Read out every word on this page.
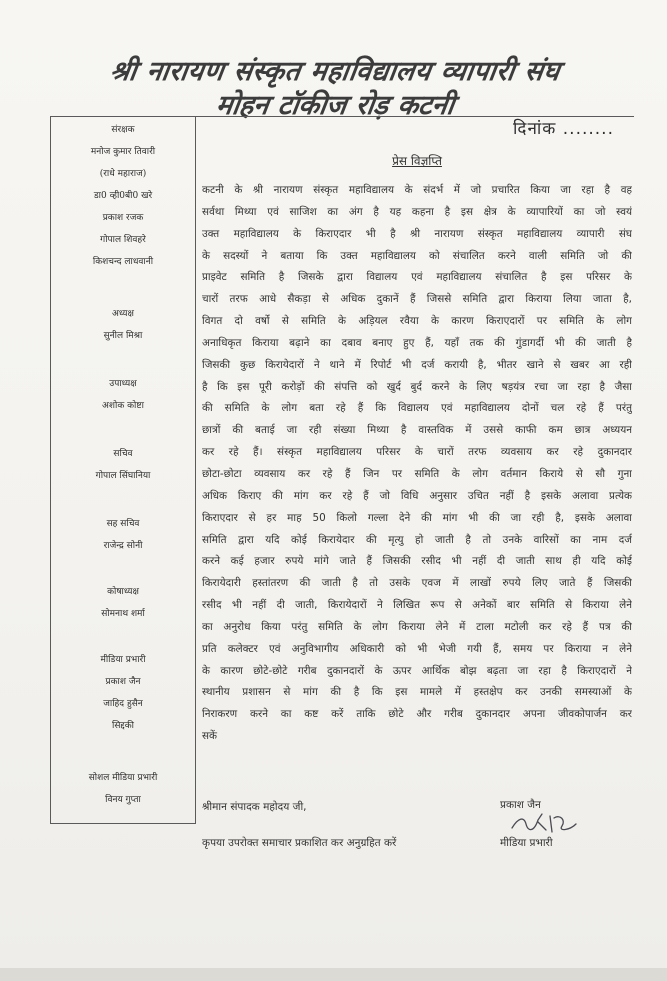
श्री नारायण संस्कृत महाविद्यालय व्यापारी संघ
मोहन टॉकीज रोड़ कटनी
संरक्षक
मनोज कुमार तिवारी
(राधे महाराज)
डा0 व्ही0बी0 खरे
प्रकाश रजक
गोपाल शिवहरे
किशचन्द लाधवानी
अध्यक्ष
सुनील मिश्रा
उपाध्यक्ष
अशोक कोष्टा
सचिव
गोपाल सिंघानिया
सह सचिव
राजेन्द्र सोनी
कोषाध्यक्ष
सोमनाथ शर्मा
मीडिया प्रभारी
प्रकाश जैन
जाहिद हुसैन
सिद्दकी
सोशल मीडिया प्रभारी
विनय गुप्ता
दिनांक ........
प्रेस विज्ञप्ति
कटनी के श्री नारायण संस्कृत महाविद्यालय के संदर्भ में जो प्रचारित किया जा रहा है वह
सर्वथा मिथ्या एवं साजिश का अंग है यह कहना है इस क्षेत्र के व्यापारियों का जो स्वयं
उक्त महाविद्यालय के किराएदार भी है श्री नारायण संस्कृत महाविद्यालय व्यापारी संघ
के सदस्यों ने बताया कि उक्त महाविद्यालय को संचालित करने वाली समिति जो की
प्राइवेट समिति है जिसके द्वारा विद्यालय एवं महाविद्यालय संचालित है इस परिसर के
चारों तरफ आधे सैकड़ा से अधिक दुकानें हैं जिससे समिति द्वारा किराया लिया जाता है,
विगत दो वर्षो से समिति के अड़ियल रवैया के कारण किराएदारों पर समिति के लोग
अनाधिकृत किराया बढ़ाने का दबाव बनाए हुए हैं, यहाँ तक की गुंडागर्दी भी की जाती है
जिसकी कुछ किरायेदारों ने थाने में रिपोर्ट भी दर्ज करायी है, भीतर खाने से खबर आ रही
है कि इस पूरी करोड़ों की संपत्ति को खुर्द बुर्द करने के लिए षड़यंत्र रचा जा रहा है जैसा
की समिति के लोग बता रहे हैं कि विद्यालय एवं महाविद्यालय दोनों चल रहे हैं परंतु
छात्रों की बताई जा रही संख्या मिथ्या है वास्तविक में उससे काफी कम छात्र अध्ययन
कर रहे हैं। संस्कृत महाविद्यालय परिसर के चारों तरफ व्यवसाय कर रहे दुकानदार
छोटा-छोटा व्यवसाय कर रहे हैं जिन पर समिति के लोग वर्तमान किराये से सौ गुना
अधिक किराए की मांग कर रहे हैं जो विधि अनुसार उचित नहीं है इसके अलावा प्रत्येक
किराएदार से हर माह 50 किलो गल्ला देने की मांग भी की जा रही है, इसके अलावा
समिति द्वारा यदि कोई किरायेदार की मृत्यु हो जाती है तो उनके वारिसों का नाम दर्ज
करने कई हजार रुपये मांगे जाते हैं जिसकी रसीद भी नहीं दी जाती साथ ही यदि कोई
किरायेदारी हस्तांतरण की जाती है तो उसके एवज में लाखों रुपये लिए जाते हैं जिसकी
रसीद भी नहीं दी जाती, किरायेदारों ने लिखित रूप से अनेकों बार समिति से किराया लेने
का अनुरोध किया परंतु समिति के लोग किराया लेने में टाला मटोली कर रहे हैं पत्र की
प्रति कलेक्टर एवं अनुविभागीय अधिकारी को भी भेजी गयी हैं, समय पर किराया न लेने
के कारण छोटे-छोटे गरीब दुकानदारों के ऊपर आर्थिक बोझ बढ़ता जा रहा है किराएदारों ने
स्थानीय प्रशासन से मांग की है कि इस मामले में हस्तक्षेप कर उनकी समस्याओं के
निराकरण करने का कष्ट करें ताकि छोटे और गरीब दुकानदार अपना जीवकोपार्जन कर
सकें
श्रीमान संपादक महोदय जी,
कृपया उपरोक्त समाचार प्रकाशित कर अनुग्रहित करें
प्रकाश जैन
मीडिया प्रभारी
